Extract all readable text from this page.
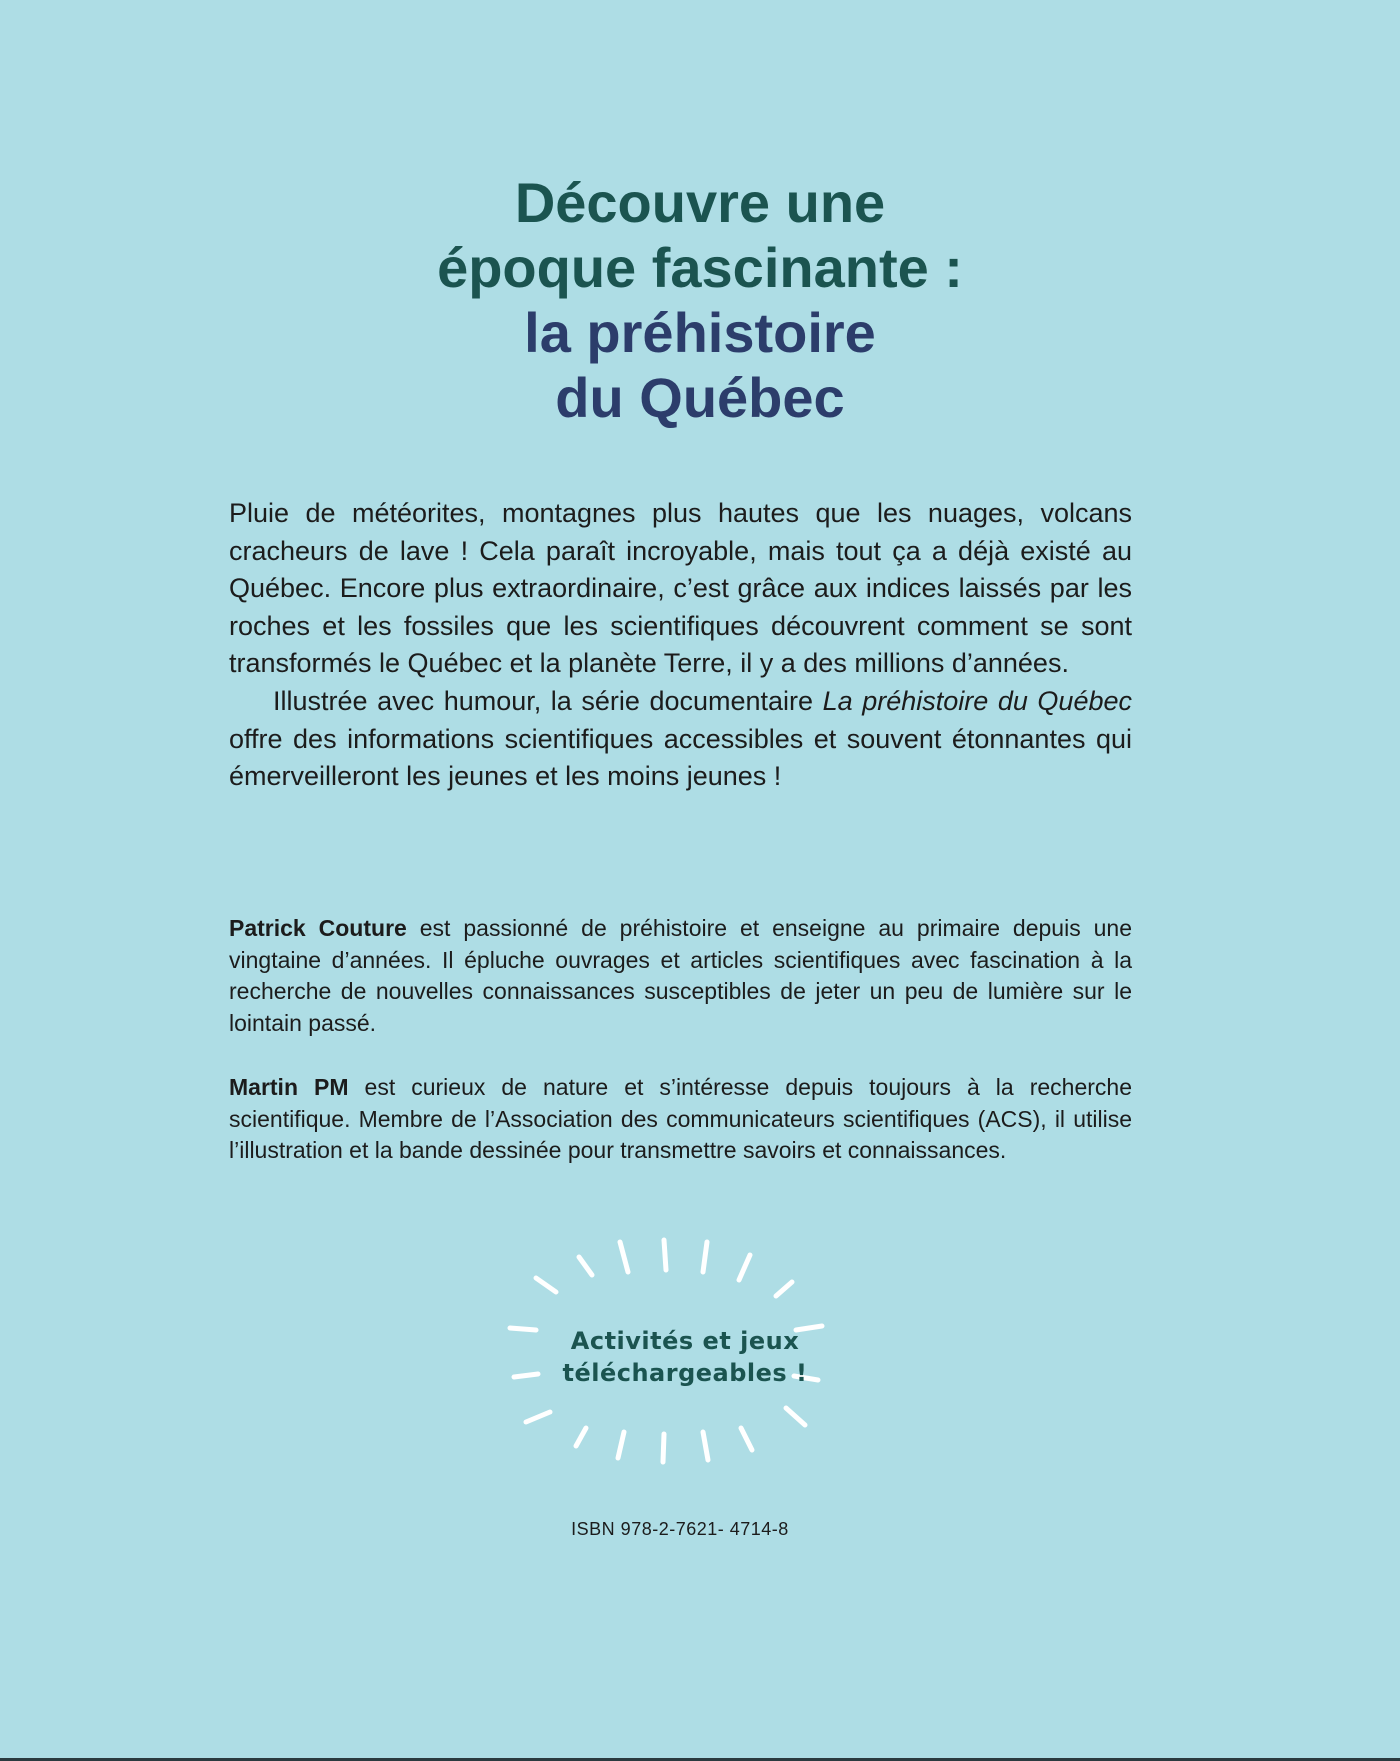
Découvre une
époque fascinante :
la préhistoire
du Québec

Pluie de météorites, montagnes plus hautes que les nuages, volcans cracheurs de lave ! Cela paraît incroyable, mais tout ça a déjà existé au Québec. Encore plus extraordinaire, c’est grâce aux indices laissés par les roches et les fossiles que les scientifiques découvrent comment se sont transformés le Québec et la planète Terre, il y a des millions d’années.

Illustrée avec humour, la série documentaire La préhistoire du Québec offre des informations scientifiques accessibles et souvent étonnantes qui émerveilleront les jeunes et les moins jeunes !

Patrick Couture est passionné de préhistoire et enseigne au primaire depuis une vingtaine d’années. Il épluche ouvrages et articles scientifiques avec fascination à la recherche de nouvelles connaissances susceptibles de jeter un peu de lumière sur le lointain passé.

Martin PM est curieux de nature et s’intéresse depuis toujours à la recherche scientifique. Membre de l’Association des communicateurs scientifiques (ACS), il utilise l’illustration et la bande dessinée pour transmettre savoirs et connaissances.

Activités et jeux
téléchargeables !
ISBN 978-2-7621- 4714-8
